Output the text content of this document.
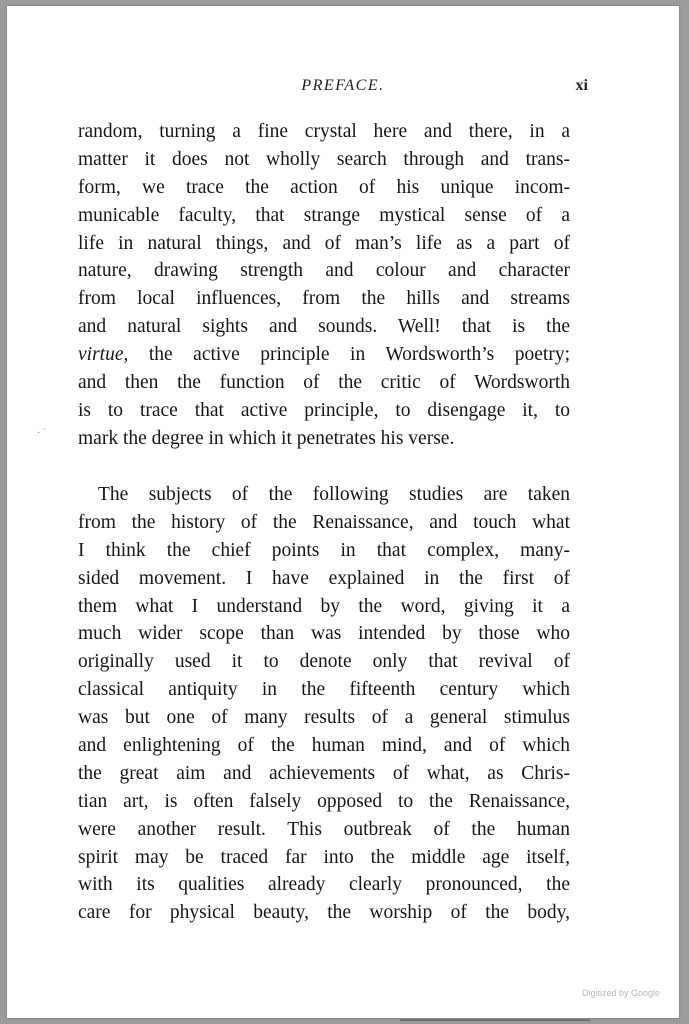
PREFACE.	xi
random, turning a fine crystal here and there, in a
matter it does not wholly search through and trans-
form, we trace the action of his unique incom-
municable faculty, that strange mystical sense of a
life in natural things, and of man’s life as a part of
nature, drawing strength and colour and character
from local influences, from the hills and streams
and natural sights and sounds. Well! that is the
virtue, the active principle in Wordsworth’s poetry;
and then the function of the critic of Wordsworth
is to trace that active principle, to disengage it, to
mark the degree in which it penetrates his verse.
· `
The subjects of the following studies are taken
from the history of the Renaissance, and touch what
I think the chief points in that complex, many-
sided movement. I have explained in the first of
them what I understand by the word, giving it a
much wider scope than was intended by those who
originally used it to denote only that revival of
classical antiquity in the fifteenth century which
was but one of many results of a general stimulus
and enlightening of the human mind, and of which
the great aim and achievements of what, as Chris-
tian art, is often falsely opposed to the Renaissance,
were another result. This outbreak of the human
spirit may be traced far into the middle age itself,
with its qualities already clearly pronounced, the
care for physical beauty, the worship of the body,
Digitized by Google
